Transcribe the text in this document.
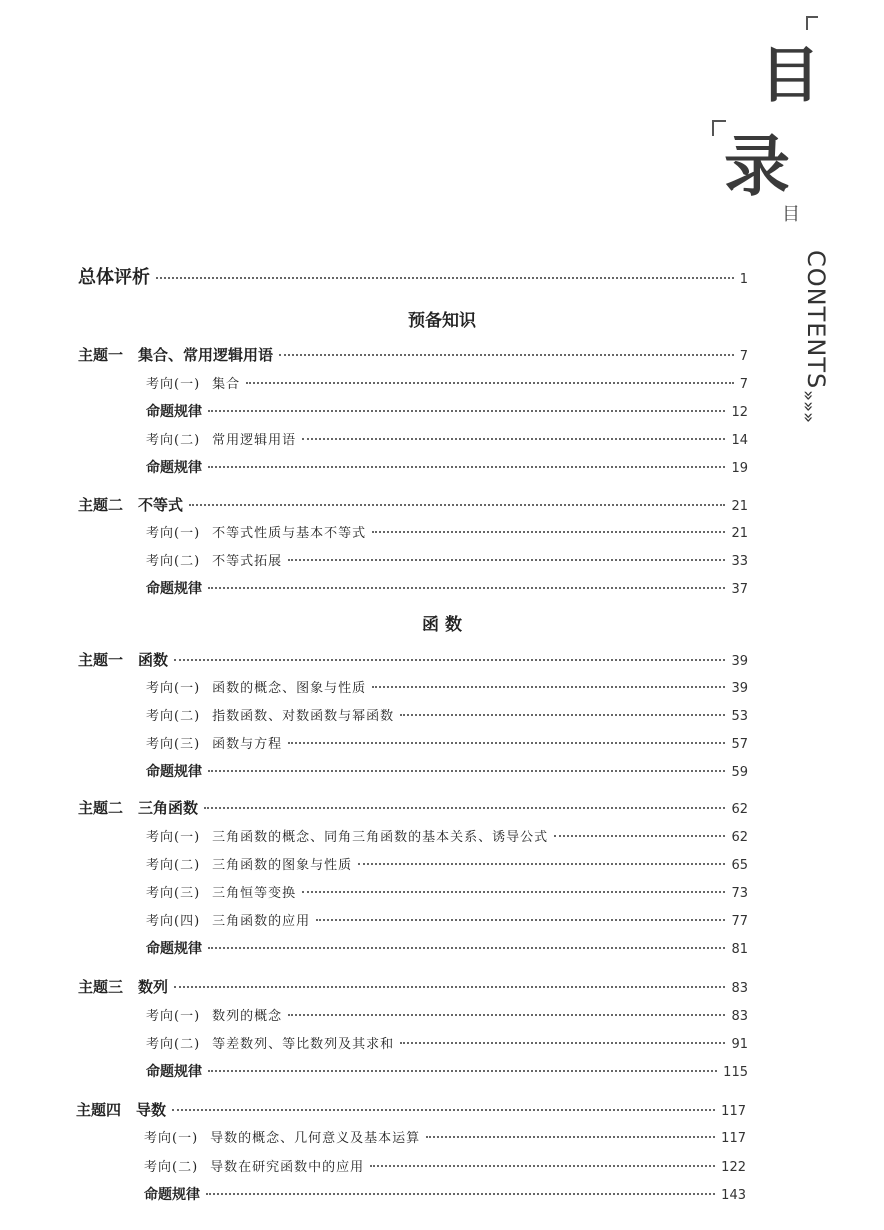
目
录
目
CONTENTS
»»»
总体评析	1
预备知识
主题一　集合、常用逻辑用语	7
考向(一) 集合	7
命题规律	12
考向(二) 常用逻辑用语	14
命题规律	19
主题二　不等式	21
考向(一) 不等式性质与基本不等式	21
考向(二) 不等式拓展	33
命题规律	37
函 数
主题一　函数	39
考向(一) 函数的概念、图象与性质	39
考向(二) 指数函数、对数函数与幂函数	53
考向(三) 函数与方程	57
命题规律	59
主题二　三角函数	62
考向(一) 三角函数的概念、同角三角函数的基本关系、诱导公式	62
考向(二) 三角函数的图象与性质	65
考向(三) 三角恒等变换	73
考向(四) 三角函数的应用	77
命题规律	81
主题三　数列	83
考向(一) 数列的概念	83
考向(二) 等差数列、等比数列及其求和	91
命题规律	115
主题四　导数	117
考向(一) 导数的概念、几何意义及基本运算	117
考向(二) 导数在研究函数中的应用	122
命题规律	143
